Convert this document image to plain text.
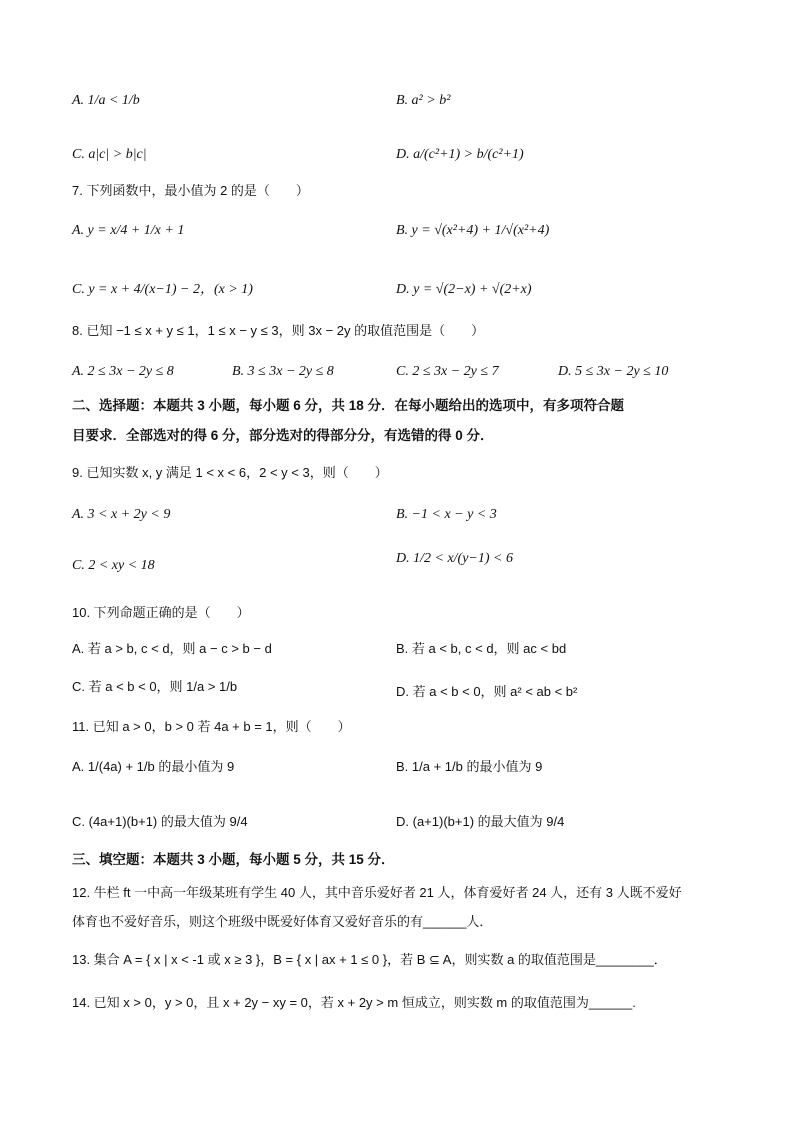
A. 1/a < 1/b	B. a² > b²
C. a|c| > b|c|	D. a/(c²+1) > b/(c²+1)
7. 下列函数中，最小值为 2 的是（　　）
A. y = x/4 + 1/x + 1	B. y = √(x²+4) + 1/√(x²+4)
C. y = x + 4/(x−1) − 2，(x > 1)	D. y = √(2−x) + √(2+x)
8. 已知 −1 ≤ x + y ≤ 1，1 ≤ x − y ≤ 3，则 3x − 2y 的取值范围是（　　）
A. 2 ≤ 3x − 2y ≤ 8	B. 3 ≤ 3x − 2y ≤ 8	C. 2 ≤ 3x − 2y ≤ 7	D. 5 ≤ 3x − 2y ≤ 10
二、选择题：本题共 3 小题，每小题 6 分，共 18 分．在每小题给出的选项中，有多项符合题
目要求．全部选对的得 6 分，部分选对的得部分分，有选错的得 0 分．
9. 已知实数 x, y 满足 1 < x < 6，2 < y < 3，则（　　）
A. 3 < x + 2y < 9	B. −1 < x − y < 3
C. 2 < xy < 18	D. 1/2 < x/(y−1) < 6
10. 下列命题正确的是（　　）
A. 若 a > b, c < d，则 a − c > b − d	B. 若 a < b, c < d，则 ac < bd
C. 若 a < b < 0，则 1/a > 1/b	D. 若 a < b < 0，则 a² < ab < b²
11. 已知 a > 0，b > 0 若 4a + b = 1，则（　　）
A. 1/(4a) + 1/b 的最小值为 9	B. 1/a + 1/b 的最小值为 9
C. (4a+1)(b+1) 的最大值为 9/4	D. (a+1)(b+1) 的最大值为 9/4
三、填空题：本题共 3 小题，每小题 5 分，共 15 分．
12. 牛栏 ft 一中高一年级某班有学生 40 人，其中音乐爱好者 21 人，体育爱好者 24 人，还有 3 人既不爱好
体育也不爱好音乐，则这个班级中既爱好体育又爱好音乐的有______人．
13. 集合 A = { x | x < -1 或 x ≥ 3 }，B = { x | ax + 1 ≤ 0 }，若 B ⊆ A，则实数 a 的取值范围是________．
14. 已知 x > 0，y > 0，且 x + 2y − xy = 0，若 x + 2y > m 恒成立，则实数 m 的取值范围为______.
